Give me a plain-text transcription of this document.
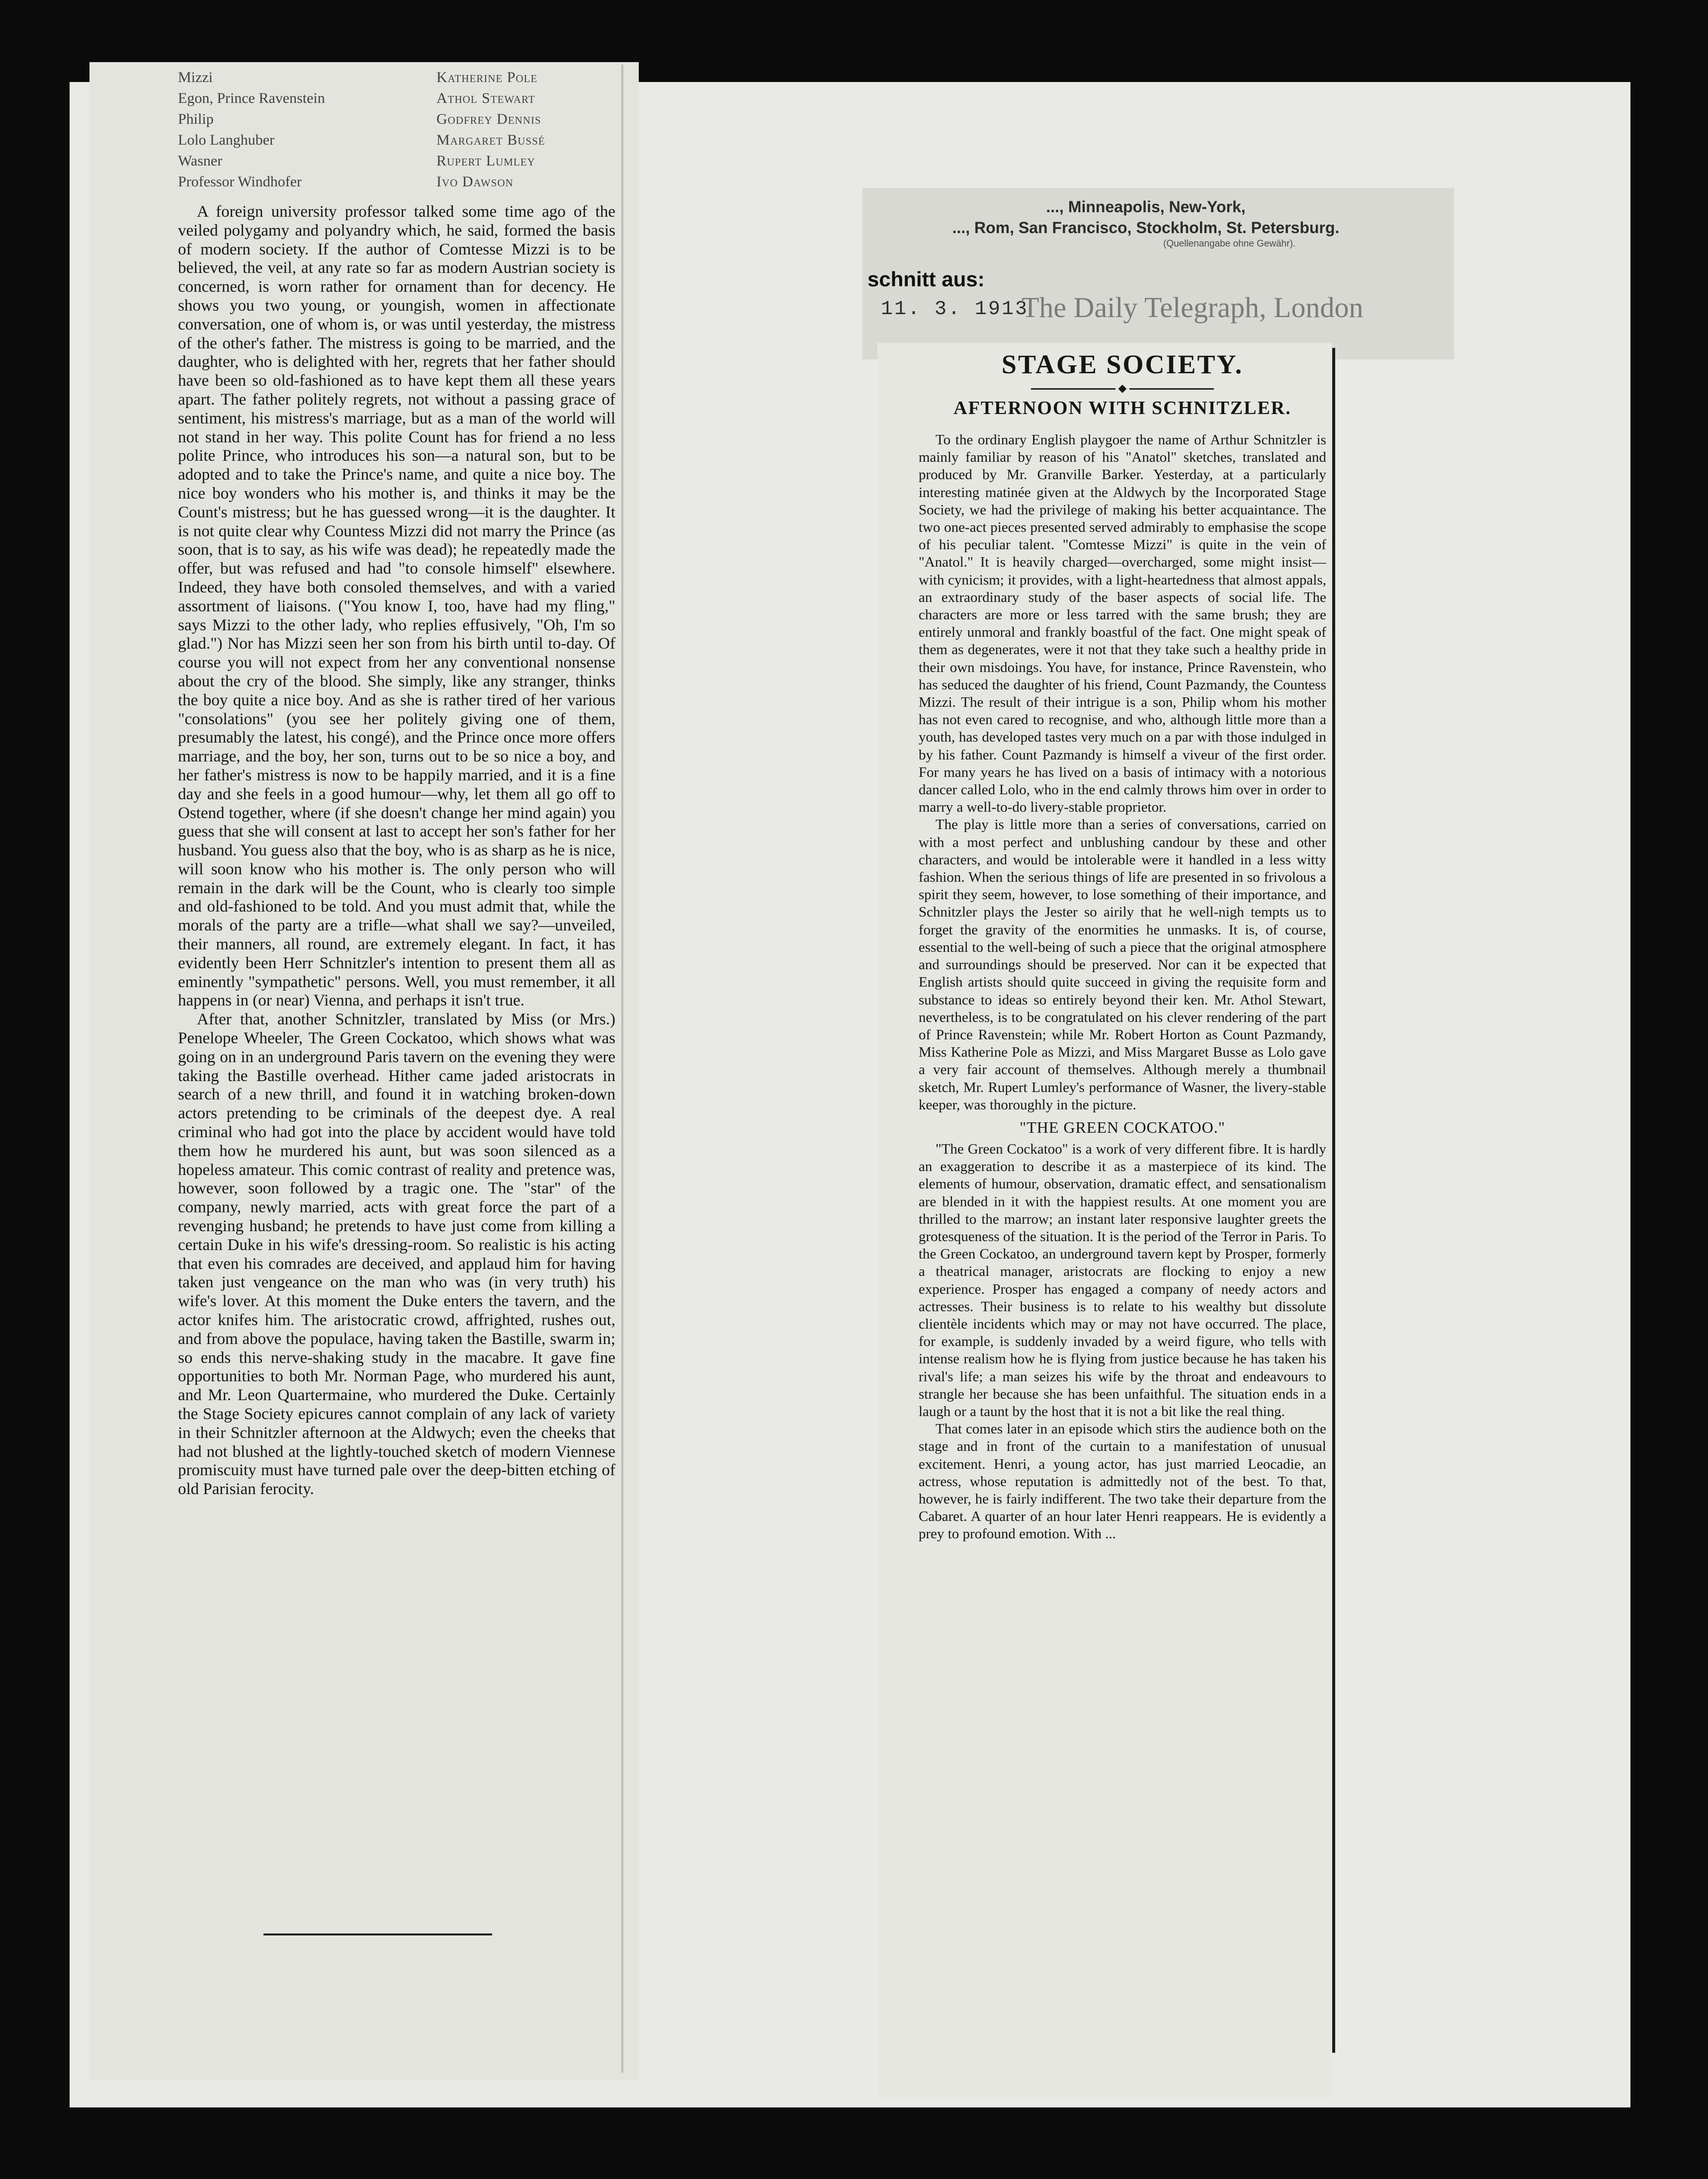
Mizzi	Katherine Pole
Egon, Prince Ravenstein	Athol Stewart
Philip	Godfrey Dennis
Lolo Langhuber	Margaret Bussé
Wasner	Rupert Lumley
Professor Windhofer	Ivo Dawson

A foreign university professor talked some time ago of the veiled polygamy and polyandry which, he said, formed the basis of modern society. If the author of Comtesse Mizzi is to be believed, the veil, at any rate so far as modern Austrian society is concerned, is worn rather for ornament than for decency. He shows you two young, or youngish, women in affectionate conversation, one of whom is, or was until yesterday, the mistress of the other's father. The mistress is going to be married, and the daughter, who is delighted with her, regrets that her father should have been so old-fashioned as to have kept them all these years apart. The father politely regrets, not without a passing grace of sentiment, his mistress's marriage, but as a man of the world will not stand in her way. This polite Count has for friend a no less polite Prince, who introduces his son—a natural son, but to be adopted and to take the Prince's name, and quite a nice boy. The nice boy wonders who his mother is, and thinks it may be the Count's mistress; but he has guessed wrong—it is the daughter. It is not quite clear why Countess Mizzi did not marry the Prince (as soon, that is to say, as his wife was dead); he repeatedly made the offer, but was refused and had "to console himself" elsewhere. Indeed, they have both consoled themselves, and with a varied assortment of liaisons. ("You know I, too, have had my fling," says Mizzi to the other lady, who replies effusively, "Oh, I'm so glad.") Nor has Mizzi seen her son from his birth until to-day. Of course you will not expect from her any conventional nonsense about the cry of the blood. She simply, like any stranger, thinks the boy quite a nice boy. And as she is rather tired of her various "consolations" (you see her politely giving one of them, presumably the latest, his congé), and the Prince once more offers marriage, and the boy, her son, turns out to be so nice a boy, and her father's mistress is now to be happily married, and it is a fine day and she feels in a good humour—why, let them all go off to Ostend together, where (if she doesn't change her mind again) you guess that she will consent at last to accept her son's father for her husband. You guess also that the boy, who is as sharp as he is nice, will soon know who his mother is. The only person who will remain in the dark will be the Count, who is clearly too simple and old-fashioned to be told. And you must admit that, while the morals of the party are a trifle—what shall we say?—unveiled, their manners, all round, are extremely elegant. In fact, it has evidently been Herr Schnitzler's intention to present them all as eminently "sympathetic" persons. Well, you must remember, it all happens in (or near) Vienna, and perhaps it isn't true.

After that, another Schnitzler, translated by Miss (or Mrs.) Penelope Wheeler, The Green Cockatoo, which shows what was going on in an underground Paris tavern on the evening they were taking the Bastille overhead. Hither came jaded aristocrats in search of a new thrill, and found it in watching broken-down actors pretending to be criminals of the deepest dye. A real criminal who had got into the place by accident would have told them how he murdered his aunt, but was soon silenced as a hopeless amateur. This comic contrast of reality and pretence was, however, soon followed by a tragic one. The "star" of the company, newly married, acts with great force the part of a revenging husband; he pretends to have just come from killing a certain Duke in his wife's dressing-room. So realistic is his acting that even his comrades are deceived, and applaud him for having taken just vengeance on the man who was (in very truth) his wife's lover. At this moment the Duke enters the tavern, and the actor knifes him. The aristocratic crowd, affrighted, rushes out, and from above the populace, having taken the Bastille, swarm in; so ends this nerve-shaking study in the macabre. It gave fine opportunities to both Mr. Norman Page, who murdered his aunt, and Mr. Leon Quartermaine, who murdered the Duke. Certainly the Stage Society epicures cannot complain of any lack of variety in their Schnitzler afternoon at the Aldwych; even the cheeks that had not blushed at the lightly-touched sketch of modern Viennese promiscuity must have turned pale over the deep-bitten etching of old Parisian ferocity.

..., Minneapolis, New-York,
..., Rom, San Francisco, Stockholm, St. Petersburg.
(Quellenangabe ohne Gewähr).
schnitt aus:
11. 3. 1913
The Daily Telegraph, London
STAGE SOCIETY.
◆
AFTERNOON WITH SCHNITZLER.

To the ordinary English playgoer the name of Arthur Schnitzler is mainly familiar by reason of his "Anatol" sketches, translated and produced by Mr. Granville Barker. Yesterday, at a particularly interesting matinée given at the Aldwych by the Incorporated Stage Society, we had the privilege of making his better acquaintance. The two one-act pieces presented served admirably to emphasise the scope of his peculiar talent. "Comtesse Mizzi" is quite in the vein of "Anatol." It is heavily charged—overcharged, some might insist—with cynicism; it provides, with a light-heartedness that almost appals, an extraordinary study of the baser aspects of social life. The characters are more or less tarred with the same brush; they are entirely unmoral and frankly boastful of the fact. One might speak of them as degenerates, were it not that they take such a healthy pride in their own misdoings. You have, for instance, Prince Ravenstein, who has seduced the daughter of his friend, Count Pazmandy, the Countess Mizzi. The result of their intrigue is a son, Philip whom his mother has not even cared to recognise, and who, although little more than a youth, has developed tastes very much on a par with those indulged in by his father. Count Pazmandy is himself a viveur of the first order. For many years he has lived on a basis of intimacy with a notorious dancer called Lolo, who in the end calmly throws him over in order to marry a well-to-do livery-stable proprietor.

The play is little more than a series of conversations, carried on with a most perfect and unblushing candour by these and other characters, and would be intolerable were it handled in a less witty fashion. When the serious things of life are presented in so frivolous a spirit they seem, however, to lose something of their importance, and Schnitzler plays the Jester so airily that he well-nigh tempts us to forget the gravity of the enormities he unmasks. It is, of course, essential to the well-being of such a piece that the original atmosphere and surroundings should be preserved. Nor can it be expected that English artists should quite succeed in giving the requisite form and substance to ideas so entirely beyond their ken. Mr. Athol Stewart, nevertheless, is to be congratulated on his clever rendering of the part of Prince Ravenstein; while Mr. Robert Horton as Count Pazmandy, Miss Katherine Pole as Mizzi, and Miss Margaret Busse as Lolo gave a very fair account of themselves. Although merely a thumbnail sketch, Mr. Rupert Lumley's performance of Wasner, the livery-stable keeper, was thoroughly in the picture.

"THE GREEN COCKATOO."

"The Green Cockatoo" is a work of very different fibre. It is hardly an exaggeration to describe it as a masterpiece of its kind. The elements of humour, observation, dramatic effect, and sensationalism are blended in it with the happiest results. At one moment you are thrilled to the marrow; an instant later responsive laughter greets the grotesqueness of the situation. It is the period of the Terror in Paris. To the Green Cockatoo, an underground tavern kept by Prosper, formerly a theatrical manager, aristocrats are flocking to enjoy a new experience. Prosper has engaged a company of needy actors and actresses. Their business is to relate to his wealthy but dissolute clientèle incidents which may or may not have occurred. The place, for example, is suddenly invaded by a weird figure, who tells with intense realism how he is flying from justice because he has taken his rival's life; a man seizes his wife by the throat and endeavours to strangle her because she has been unfaithful. The situation ends in a laugh or a taunt by the host that it is not a bit like the real thing.

That comes later in an episode which stirs the audience both on the stage and in front of the curtain to a manifestation of unusual excitement. Henri, a young actor, has just married Leocadie, an actress, whose reputation is admittedly not of the best. To that, however, he is fairly indifferent. The two take their departure from the Cabaret. A quarter of an hour later Henri reappears. He is evidently a prey to profound emotion. With ...
